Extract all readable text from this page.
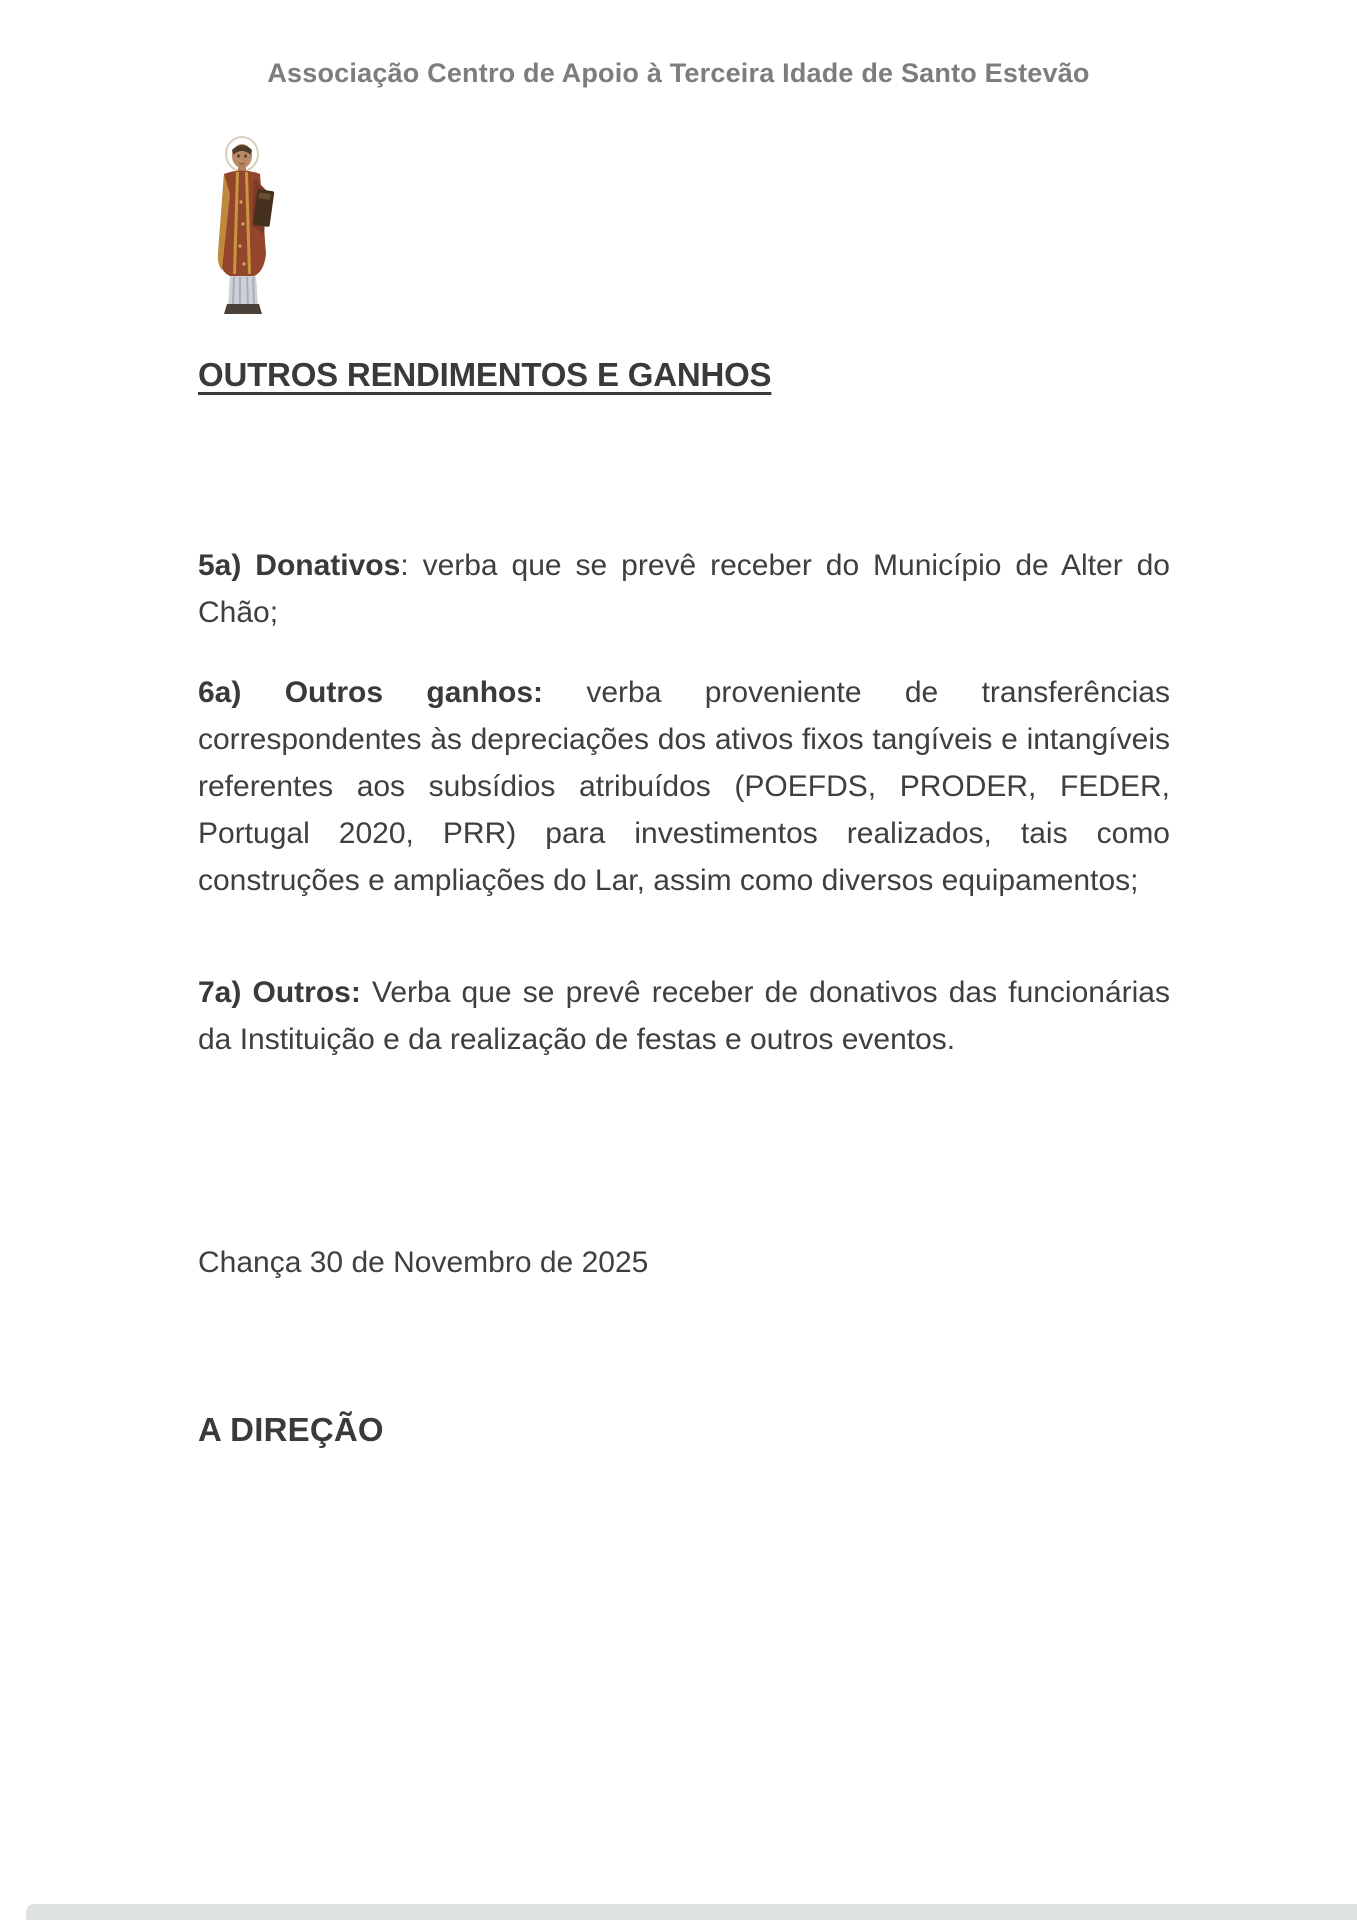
Associação Centro de Apoio à Terceira Idade de Santo Estevão
OUTROS RENDIMENTOS E GANHOS

5a) Donativos: verba que se prevê receber do Município de Alter do Chão;

6a) Outros ganhos: verba proveniente de transferências correspondentes às depreciações dos ativos fixos tangíveis e intangíveis referentes aos subsídios atribuídos (POEFDS, PRODER, FEDER, Portugal 2020, PRR) para investimentos realizados, tais como construções e ampliações do Lar, assim como diversos equipamentos;

7a) Outros: Verba que se prevê receber de donativos das funcionárias da Instituição e da realização de festas e outros eventos.

Chança 30 de Novembro de 2025
A DIREÇÃO
